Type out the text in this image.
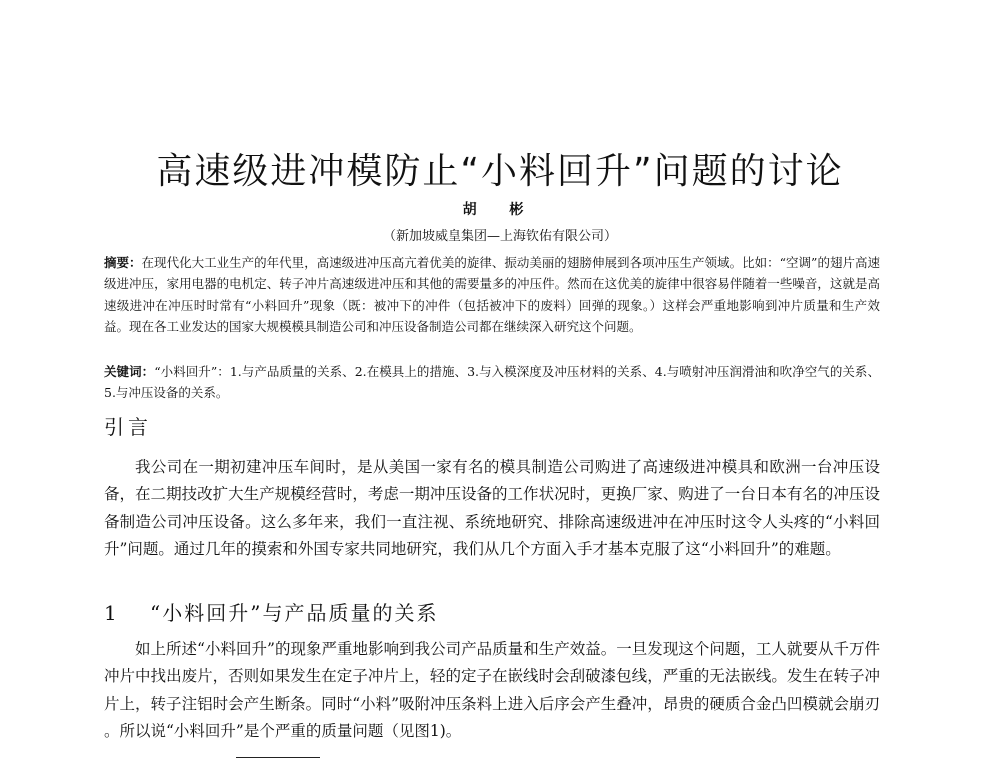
高速级进冲模防止“小料回升”问题的讨论
胡 彬
（新加坡威皇集团—上海钦佑有限公司）

摘要：在现代化大工业生产的年代里，高速级进冲压高亢着优美的旋律、振动美丽的翅膀伸展到各项冲压生产领域。比如：“空调”的翅片高速级进冲压，家用电器的电机定、转子冲片高速级进冲压和其他的需要量多的冲压件。然而在这优美的旋律中很容易伴随着一些噪音，这就是高速级进冲在冲压时时常有“小料回升”现象（既：被冲下的冲件（包括被冲下的废料）回弹的现象。）这样会严重地影响到冲片质量和生产效益。现在各工业发达的国家大规模模具制造公司和冲压设备制造公司都在继续深入研究这个问题。

关键词：“小料回升”：1.与产品质量的关系、2.在模具上的措施、3.与入模深度及冲压材料的关系、4.与喷射冲压润滑油和吹净空气的关系、5.与冲压设备的关系。

引言

我公司在一期初建冲压车间时，是从美国一家有名的模具制造公司购进了高速级进冲模具和欧洲一台冲压设备，在二期技改扩大生产规模经营时，考虑一期冲压设备的工作状况时，更换厂家、购进了一台日本有名的冲压设备制造公司冲压设备。这么多年来，我们一直注视、系统地研究、排除高速级进冲在冲压时这令人头疼的“小料回升”问题。通过几年的摸索和外国专家共同地研究，我们从几个方面入手才基本克服了这“小料回升”的难题。

1 “小料回升”与产品质量的关系

如上所述“小料回升”的现象严重地影响到我公司产品质量和生产效益。一旦发现这个问题，工人就要从千万件冲片中找出废片，否则如果发生在定子冲片上，轻的定子在嵌线时会刮破漆包线，严重的无法嵌线。发生在转子冲片上，转子注铝时会产生断条。同时“小料”吸附冲压条料上进入后序会产生叠冲，昂贵的硬质合金凸凹模就会崩刃 。所以说“小料回升”是个严重的质量问题（见图1)。
